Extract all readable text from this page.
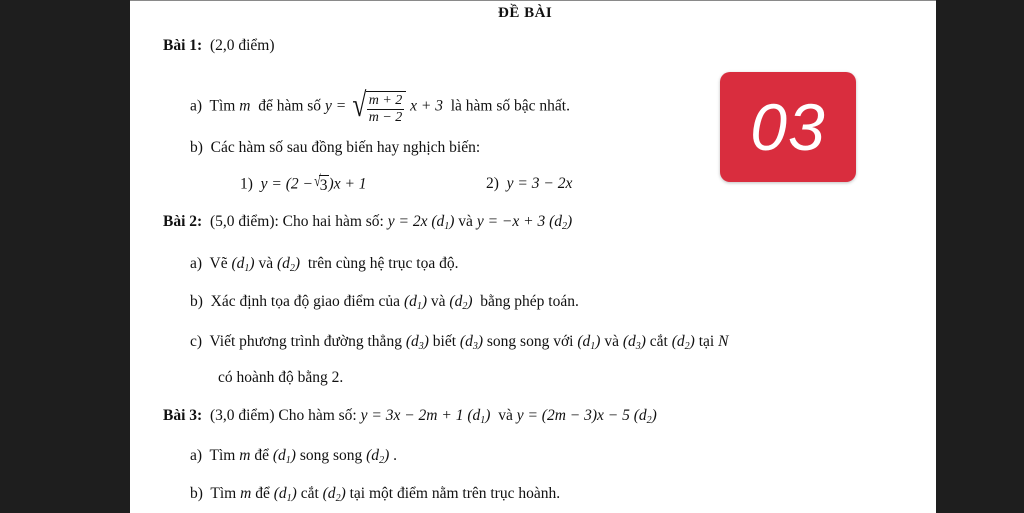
ĐỀ BÀI
Bài 1: (2,0 điểm)
a) Tìm m để hàm số y = √ $\frac{m + 2}{m - 2}$ x + 3 là hàm số bậc nhất.
b) Các hàm số sau đồng biến hay nghịch biến:
1) y = (2 − √ 3 )x + 1	2) y = 3 − 2x
Bài 2: (5,0 điểm): Cho hai hàm số: y = 2x $(d_1)$ và y = −x + 3 $(d_2)$
a) Vẽ $(d_1)$ và $(d_2)$ trên cùng hệ trục tọa độ.
b) Xác định tọa độ giao điểm của $(d_1)$ và $(d_2)$ bằng phép toán.
c) Viết phương trình đường thẳng $(d_3)$ biết $(d_3)$ song song với $(d_1)$ và $(d_3)$ cắt $(d_2)$ tại N
có hoành độ bằng 2.
Bài 3: (3,0 điểm) Cho hàm số: y = 3x − 2m + 1 $(d_1)$ và y = (2m − 3)x − 5 $(d_2)$
a) Tìm m để $(d_1)$ song song $(d_2)$ .
b) Tìm m để $(d_1)$ cắt $(d_2)$ tại một điểm nằm trên trục hoành.
03
